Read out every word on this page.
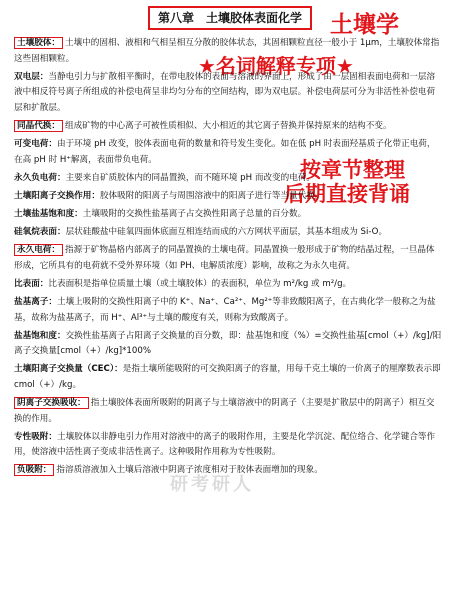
第八章　土壤胶体表面化学	土壤学
★名词解释专项★
按章节整理
后期直接背诵
土壤胶体： 土壤中的固相、液相和气相呈相互分散的胶体状态，其固相颗粒直径一般小于 1μm，土壤胶体常指这些固相颗粒。
双电层：当静电引力与扩散相平衡时，在带电胶体的表面与溶液的界面上，形成了由一层固相表面电荷和一层溶液中相反符号离子所组成的补偿电荷呈非均匀分布的空间结构，即为双电层。补偿电荷层可分为非活性补偿电荷层和扩散层。
同晶代换： 组成矿物的中心离子可被性质相似、大小相近的其它离子替换并保持原来的结构不变。
可变电荷：由于环境 pH 改变，胶体表面电荷的数量和符号发生变化。如在低 pH 时表面羟基质子化带正电荷，在高 pH 时 H⁺解离，表面带负电荷。
永久负电荷：主要来自矿质胶体内的同晶置换，而不随环境 pH 而改变的电荷。
土壤阳离子交换作用：胶体吸附的阳离子与周围溶液中的阳离子进行等当量代换。
土壤盐基饱和度：土壤吸附的交换性盐基离子占交换性阳离子总量的百分数。
硅氧烷表面：层状硅酸盐中硅氧四面体底面互相连结而成的六方网状平面层，其基本组成为 Si-O。
永久电荷： 指源于矿物晶格内部离子的同晶置换的土壤电荷。同晶置换一般形成于矿物的结晶过程，一旦晶体形成，它所具有的电荷就不受外界环境（如 PH、电解质浓度）影响，故称之为永久电荷。
比表面：比表面积是指单位质量土壤（或土壤胶体）的表面积，单位为 m²/kg 或 m²/g。
盐基离子：土壤上吸附的交换性阳离子中的 K⁺、Na⁺、Ca²⁺、Mg²⁺等非致酸阳离子，在古典化学一般称之为盐基，故称为盐基离子，而 H⁺、Al³⁺与土壤的酸度有关，则称为致酸离子。
盐基饱和度：交换性盐基离子占阳离子交换量的百分数，即：盐基饱和度（%）=交换性盐基[cmol（+）/kg]/阳离子交换量[cmol（+）/kg]*100%
土壤阳离子交换量（CEC）：是指土壤所能吸附的可交换阳离子的容量，用每千克土壤的一价离子的厘摩数表示即 cmol（+）/kg。
阴离子交换吸收： 指土壤胶体表面所吸附的阴离子与土壤溶液中的阴离子（主要是扩散层中的阴离子）相互交换的作用。
专性吸附：土壤胶体以非静电引力作用对溶液中的离子的吸附作用，主要是化学沉淀、配位络合、化学键合等作用，使溶液中活性离子变成非活性离子。这种吸附作用称为专性吸附。
负吸附： 指溶质溶液加入土壤后溶液中阴离子浓度相对于胶体表面增加的现象。
研考研人
